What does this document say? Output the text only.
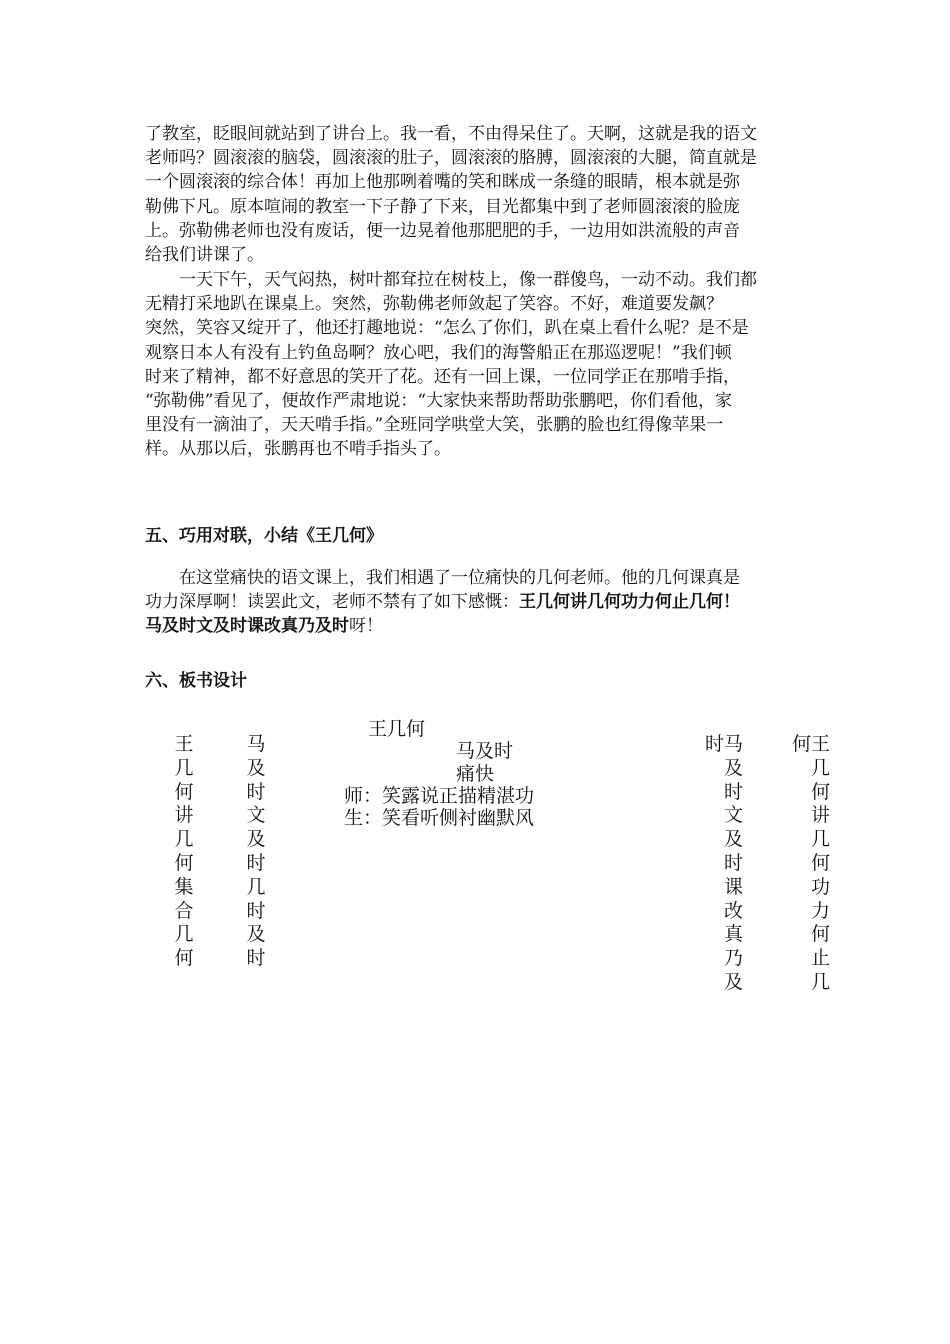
了教室，眨眼间就站到了讲台上。我一看，不由得呆住了。天啊，这就是我的语文
老师吗？圆滚滚的脑袋，圆滚滚的肚子，圆滚滚的胳膊，圆滚滚的大腿，简直就是
一个圆滚滚的综合体！再加上他那咧着嘴的笑和眯成一条缝的眼睛，根本就是弥
勒佛下凡。原本喧闹的教室一下子静了下来，目光都集中到了老师圆滚滚的脸庞
上。弥勒佛老师也没有废话，便一边晃着他那肥肥的手，一边用如洪流般的声音
给我们讲课了。
　　一天下午，天气闷热，树叶都耷拉在树枝上，像一群傻鸟，一动不动。我们都
无精打采地趴在课桌上。突然，弥勒佛老师敛起了笑容。不好，难道要发飙？
突然，笑容又绽开了，他还打趣地说：“怎么了你们，趴在桌上看什么呢？是不是
观察日本人有没有上钓鱼岛啊？放心吧，我们的海警船正在那巡逻呢！”我们顿
时来了精神，都不好意思的笑开了花。还有一回上课，一位同学正在那啃手指，
“弥勒佛”看见了，便故作严肃地说：“大家快来帮助帮助张鹏吧，你们看他，家
里没有一滴油了，天天啃手指。”全班同学哄堂大笑，张鹏的脸也红得像苹果一
样。从那以后，张鹏再也不啃手指头了。
五、巧用对联，小结《王几何》
　　在这堂痛快的语文课上，我们相遇了一位痛快的几何老师。他的几何课真是
功力深厚啊！读罢此文，老师不禁有了如下感慨：王几何讲几何功力何止几何！
马及时文及时课改真乃及时呀！
六、板书设计
王几何
王
几
何
讲
几
何
集
合
几
何
马
及
时
文
及
时
几
时
及
时
马及时
痛快
师：笑露说正描精湛功
生：笑看听侧衬幽默风
时马
及
时
文
及
时
课
改
真
乃
及
何王
几
何
讲
几
何
功
力
何
止
几
